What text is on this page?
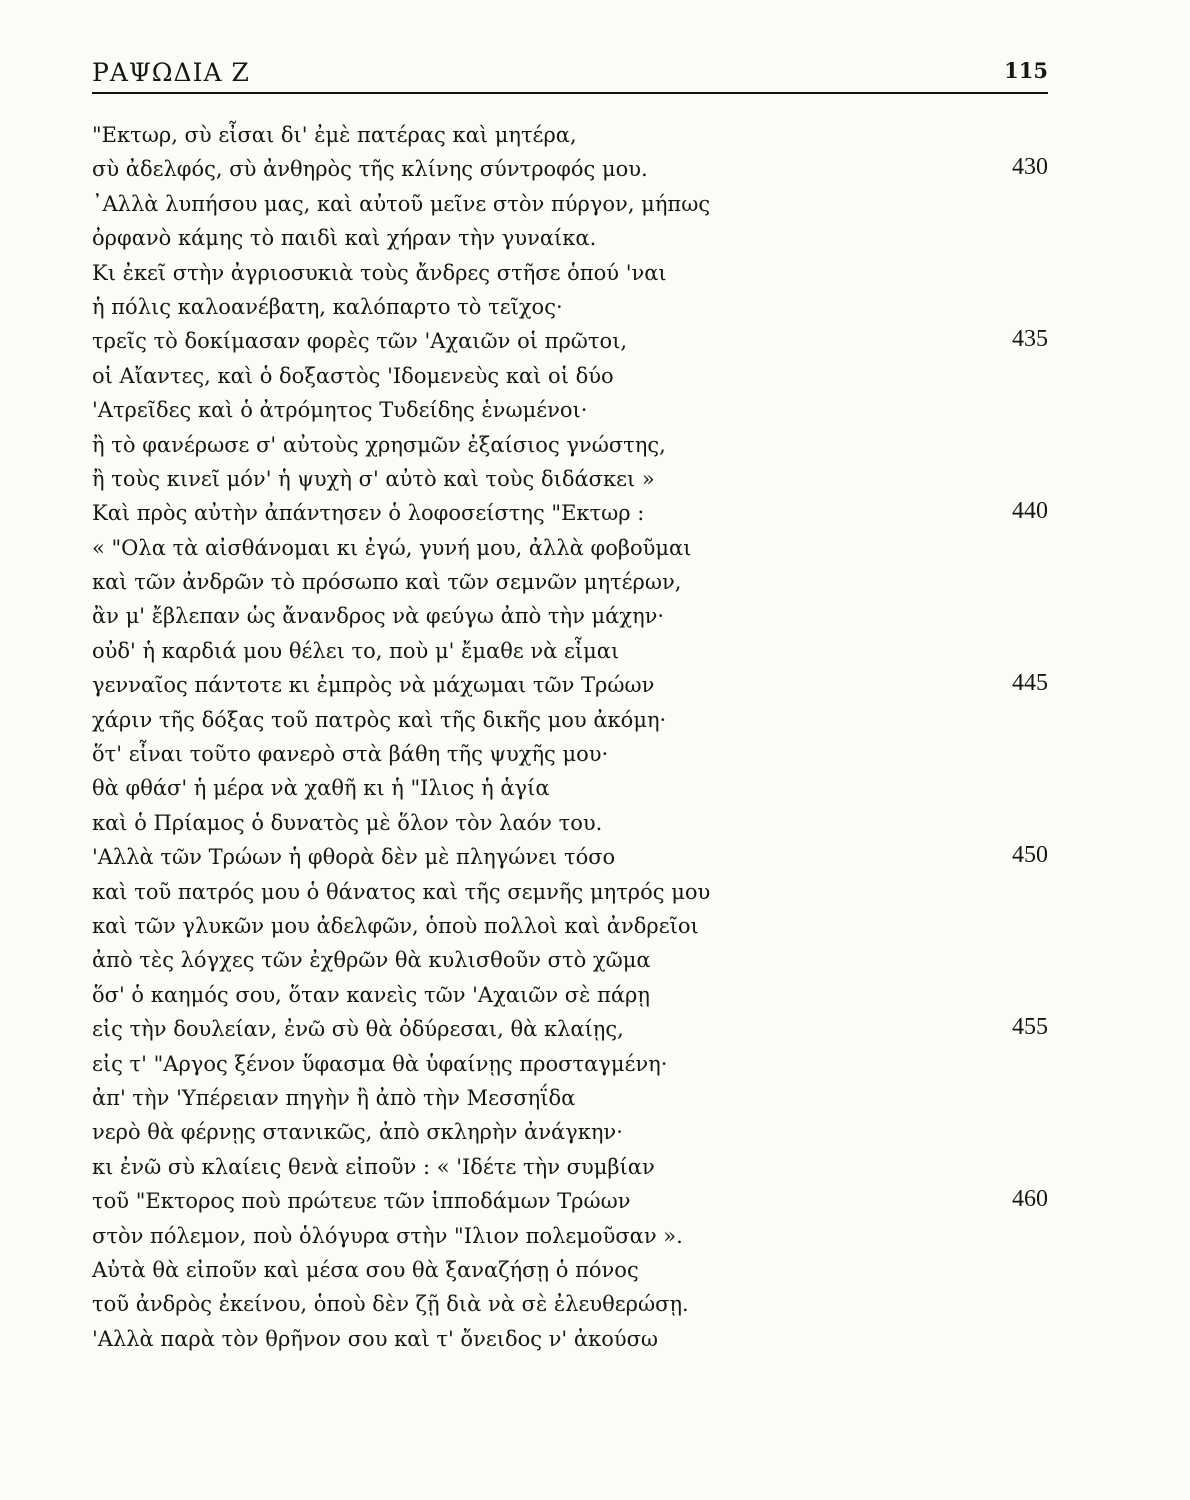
ΡΑΨΩΔΙΑ Ζ	115
"Εκτωρ, σὺ εἶσαι δι' ἐμὲ πατέρας καὶ μητέρα,
σὺ ἀδελφός, σὺ ἀνθηρὸς τῆς κλίνης σύντροφός μου.	430
᾿Αλλὰ λυπήσου μας, καὶ αὐτοῦ μεῖνε στὸν πύργον, μήπως
ὀρφανὸ κάμης τὸ παιδὶ καὶ χήραν τὴν γυναίκα.
Κι ἐκεῖ στὴν ἀγριοσυκιὰ τοὺς ἄνδρες στῆσε ὁπού 'ναι
ἡ πόλις καλοανέβατη, καλόπαρτο τὸ τεῖχος·
τρεῖς τὸ δοκίμασαν φορὲς τῶν 'Αχαιῶν οἱ πρῶτοι,	435
οἱ Αἴαντες, καὶ ὁ δοξαστὸς 'Ιδομενεὺς καὶ οἱ δύο
'Ατρεῖδες καὶ ὁ ἀτρόμητος Τυδείδης ἑνωμένοι·
ἢ τὸ φανέρωσε σ' αὐτοὺς χρησμῶν ἐξαίσιος γνώστης,
ἢ τοὺς κινεῖ μόν' ἡ ψυχὴ σ' αὐτὸ καὶ τοὺς διδάσκει »
Καὶ πρὸς αὐτὴν ἀπάντησεν ὁ λοφοσείστης "Εκτωρ :	440
« "Ολα τὰ αἰσθάνομαι κι ἐγώ, γυνή μου, ἀλλὰ φοβοῦμαι
καὶ τῶν ἀνδρῶν τὸ πρόσωπο καὶ τῶν σεμνῶν μητέρων,
ἂν μ' ἔβλεπαν ὡς ἄνανδρος νὰ φεύγω ἀπὸ τὴν μάχην·
οὐδ' ἡ καρδιά μου θέλει το, ποὺ μ' ἔμαθε νὰ εἶμαι
γενναῖος πάντοτε κι ἐμπρὸς νὰ μάχωμαι τῶν Τρώων	445
χάριν τῆς δόξας τοῦ πατρὸς καὶ τῆς δικῆς μου ἀκόμη·
ὅτ' εἶναι τοῦτο φανερὸ στὰ βάθη τῆς ψυχῆς μου·
θὰ φθάσ' ἡ μέρα νὰ χαθῆ κι ἡ "Ιλιος ἡ ἁγία
καὶ ὁ Πρίαμος ὁ δυνατὸς μὲ ὅλον τὸν λαόν του.
'Αλλὰ τῶν Τρώων ἡ φθορὰ δὲν μὲ πληγώνει τόσο	450
καὶ τοῦ πατρός μου ὁ θάνατος καὶ τῆς σεμνῆς μητρός μου
καὶ τῶν γλυκῶν μου ἀδελφῶν, ὁποὺ πολλοὶ καὶ ἀνδρεῖοι
ἀπὸ τὲς λόγχες τῶν ἐχθρῶν θὰ κυλισθοῦν στὸ χῶμα
ὅσ' ὁ καημός σου, ὅταν κανεὶς τῶν 'Αχαιῶν σὲ πάρῃ
εἰς τὴν δουλείαν, ἐνῶ σὺ θὰ ὀδύρεσαι, θὰ κλαίῃς,	455
εἰς τ' "Αργος ξένον ὕφασμα θὰ ὑφαίνῃς προσταγμένη·
ἀπ' τὴν 'Υπέρειαν πηγὴν ἢ ἀπὸ τὴν Μεσσηΐδα
νερὸ θὰ φέρνῃς στανικῶς, ἀπὸ σκληρὴν ἀνάγκην·
κι ἐνῶ σὺ κλαίεις θενὰ εἰποῦν : « 'Ιδέτε τὴν συμβίαν
τοῦ "Εκτορος ποὺ πρώτευε τῶν ἱπποδάμων Τρώων	460
στὸν πόλεμον, ποὺ ὁλόγυρα στὴν "Ιλιον πολεμοῦσαν ».
Αὐτὰ θὰ εἰποῦν καὶ μέσα σου θὰ ξαναζήσῃ ὁ πόνος
τοῦ ἀνδρὸς ἐκείνου, ὁποὺ δὲν ζῇ διὰ νὰ σὲ ἐλευθερώσῃ.
'Αλλὰ παρὰ τὸν θρῆνον σου καὶ τ' ὄνειδος ν' ἀκούσω
